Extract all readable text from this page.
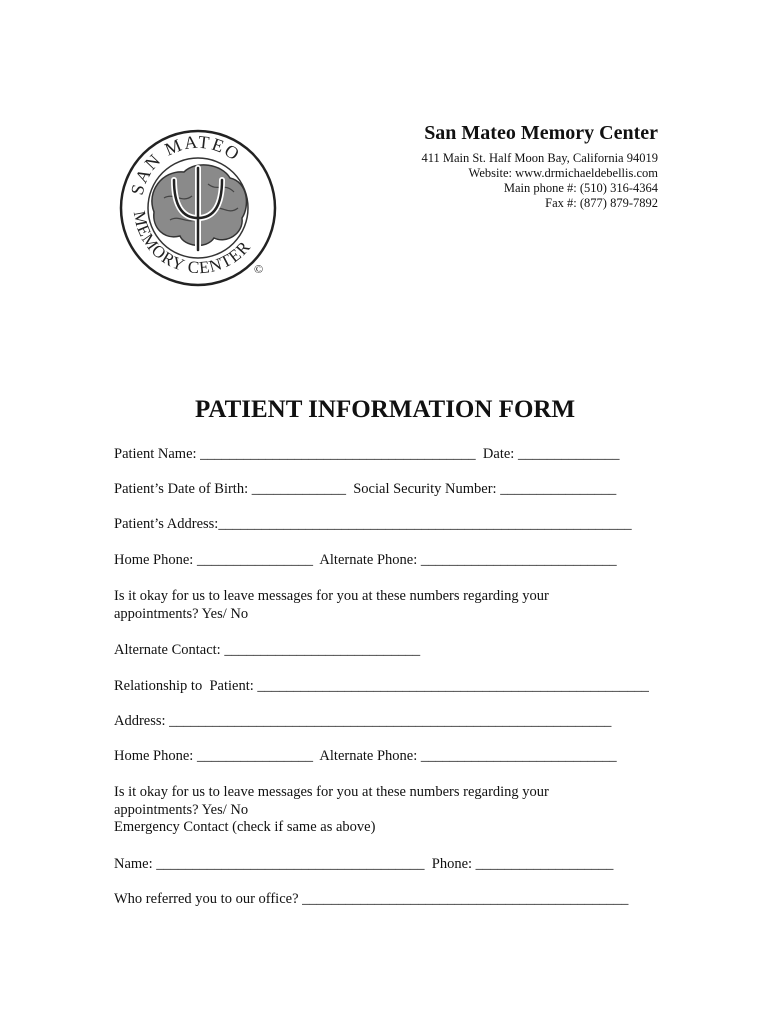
SAN MATEO
MEMORY CENTER
©
San Mateo Memory Center
411 Main St. Half Moon Bay, California 94019
Website: www.drmichaeldebellis.com
Main phone #: (510) 316-4364
Fax #: (877) 879-7892
PATIENT INFORMATION FORM
Patient Name: ______________________________________  Date: ______________
Patient’s Date of Birth: _____________  Social Security Number: ________________
Patient’s Address:_________________________________________________________
Home Phone: ________________  Alternate Phone: ___________________________
Is it okay for us to leave messages for you at these numbers regarding your
appointments? Yes/ No
Alternate Contact: ___________________________
Relationship to  Patient: ______________________________________________________
Address: _____________________________________________________________
Home Phone: ________________  Alternate Phone: ___________________________
Is it okay for us to leave messages for you at these numbers regarding your
appointments? Yes/ No
Emergency Contact (check if same as above)
Name: _____________________________________  Phone: ___________________
Who referred you to our office? _____________________________________________
